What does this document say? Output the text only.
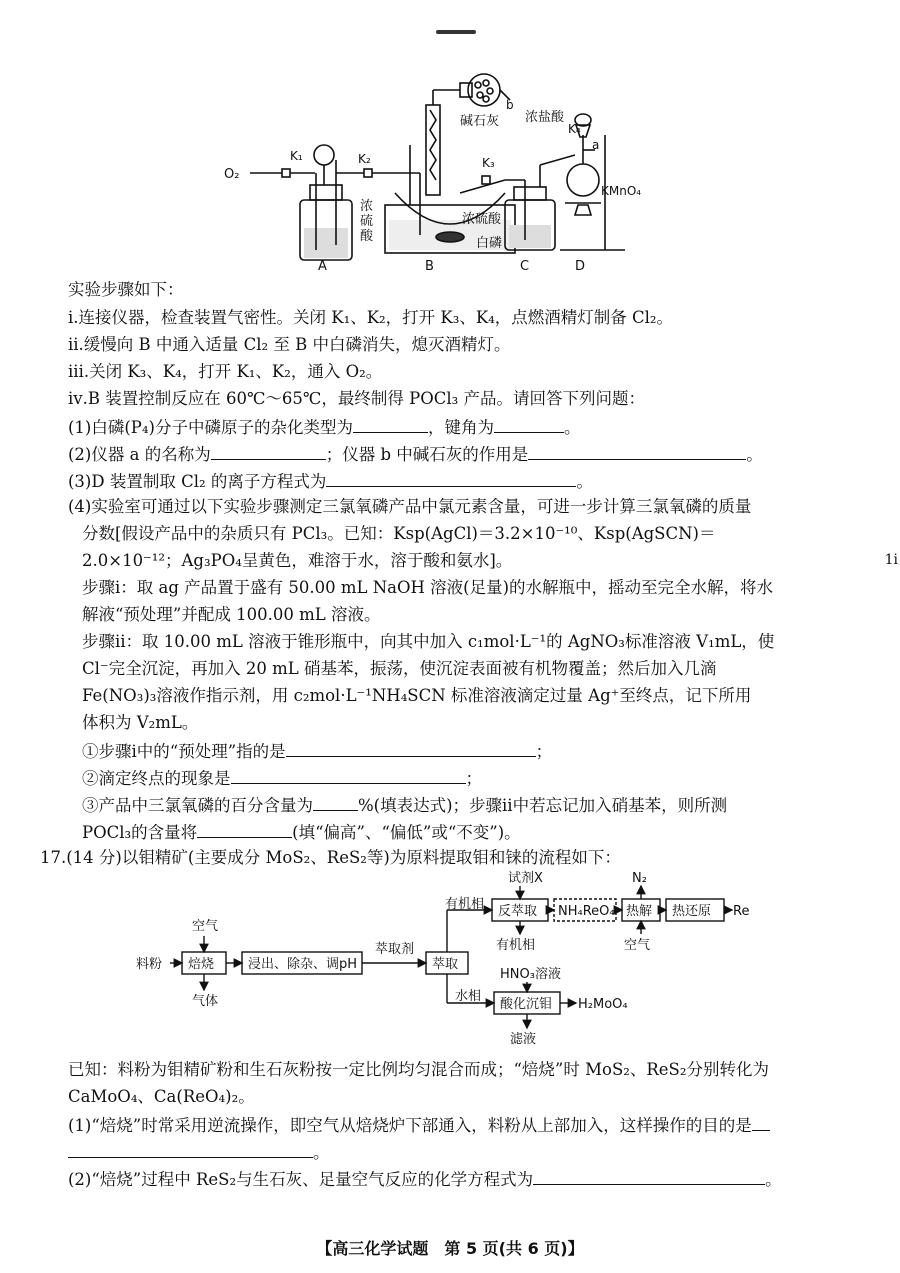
1i
O₂
K₁	K₂
浓
硫
酸
A
白磷
B
b
碱石灰
K₃
浓硫酸
C
a
K₄
浓盐酸
KMnO₄
D
实验步骤如下：
ⅰ.连接仪器，检查装置气密性。关闭 K₁、K₂，打开 K₃、K₄，点燃酒精灯制备 Cl₂。
ⅱ.缓慢向 B 中通入适量 Cl₂ 至 B 中白磷消失，熄灭酒精灯。
ⅲ.关闭 K₃、K₄，打开 K₁、K₂，通入 O₂。
ⅳ.B 装置控制反应在 60℃～65℃，最终制得 POCl₃ 产品。请回答下列问题：
(1)白磷(P₄)分子中磷原子的杂化类型为	，键角为	。
(2)仪器 a 的名称为	；仪器 b 中碱石灰的作用是	。
(3)D 装置制取 Cl₂ 的离子方程式为	。
(4)实验室可通过以下实验步骤测定三氯氧磷产品中氯元素含量，可进一步计算三氯氧磷的质量
分数[假设产品中的杂质只有 PCl₃。已知：Ksp(AgCl)＝3.2×10⁻¹⁰、Ksp(AgSCN)＝
2.0×10⁻¹²；Ag₃PO₄呈黄色，难溶于水，溶于酸和氨水]。
步骤ⅰ：取 ag 产品置于盛有 50.00 mL NaOH 溶液(足量)的水解瓶中，摇动至完全水解，将水
解液“预处理”并配成 100.00 mL 溶液。
步骤ⅱ：取 10.00 mL 溶液于锥形瓶中，向其中加入 c₁mol·L⁻¹的 AgNO₃标准溶液 V₁mL，使
Cl⁻完全沉淀，再加入 20 mL 硝基苯，振荡，使沉淀表面被有机物覆盖；然后加入几滴
Fe(NO₃)₃溶液作指示剂，用 c₂mol·L⁻¹NH₄SCN 标准溶液滴定过量 Ag⁺至终点，记下所用
体积为 V₂mL。
①步骤ⅰ中的“预处理”指的是	；
②滴定终点的现象是	；
③产品中三氯氧磷的百分含量为	%(填表达式)；步骤ⅱ中若忘记加入硝基苯，则所测
POCl₃的含量将	(填“偏高”、“偏低”或“不变”)。
17.(14 分)以钼精矿(主要成分 MoS₂、ReS₂等)为原料提取钼和铼的流程如下：
料粉
空气
焙烧
气体
浸出、除杂、调pH
萃取剂
萃取
有机相
试剂X
反萃取
有机相
NH₄ReO₄
N₂
热解
空气
热还原 Re
水相
HNO₃溶液
酸化沉钼 H₂MoO₄
滤液
已知：料粉为钼精矿粉和生石灰粉按一定比例均匀混合而成；“焙烧”时 MoS₂、ReS₂分别转化为
CaMoO₄、Ca(ReO₄)₂。
(1)“焙烧”时常采用逆流操作，即空气从焙烧炉下部通入，料粉从上部加入，这样操作的目的是
。
(2)“焙烧”过程中 ReS₂与生石灰、足量空气反应的化学方程式为	。
【高三化学试题　第 5 页(共 6 页)】
